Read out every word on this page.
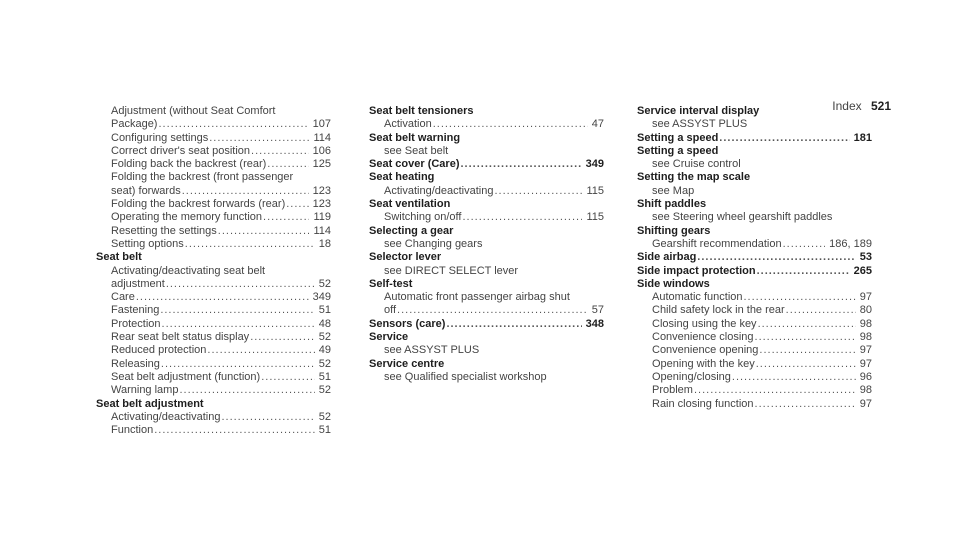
Index 521
Adjustment (without Seat Comfort
Package) .....	107
Configuring settings .....	114
Correct driver's seat position .....	106
Folding back the backrest (rear) .....	125
Folding the backrest (front passenger
seat) forwards .....	123
Folding the backrest forwards (rear) .....	123
Operating the memory function .....	119
Resetting the settings .....	114
Setting options .....	18
Seat belt
Activating/deactivating seat belt
adjustment .....	52
Care .....	349
Fastening .....	51
Protection .....	48
Rear seat belt status display .....	52
Reduced protection .....	49
Releasing .....	52
Seat belt adjustment (function) .....	51
Warning lamp .....	52
Seat belt adjustment
Activating/deactivating .....	52
Function .....	51
Seat belt tensioners
Activation .....	47
Seat belt warning
see Seat belt
Seat cover (Care) .....	349
Seat heating
Activating/deactivating .....	115
Seat ventilation
Switching on/off .....	115
Selecting a gear
see Changing gears
Selector lever
see DIRECT SELECT lever
Self-test
Automatic front passenger airbag shut
off .....	57
Sensors (care) .....	348
Service
see ASSYST PLUS
Service centre
see Qualified specialist workshop
Service interval display
see ASSYST PLUS
Setting a speed .....	181
Setting a speed
see Cruise control
Setting the map scale
see Map
Shift paddles
see Steering wheel gearshift paddles
Shifting gears
Gearshift recommendation .....	186, 189
Side airbag .....	53
Side impact protection .....	265
Side windows
Automatic function .....	97
Child safety lock in the rear .....	80
Closing using the key .....	98
Convenience closing .....	98
Convenience opening .....	97
Opening with the key .....	97
Opening/closing .....	96
Problem .....	98
Rain closing function .....	97
